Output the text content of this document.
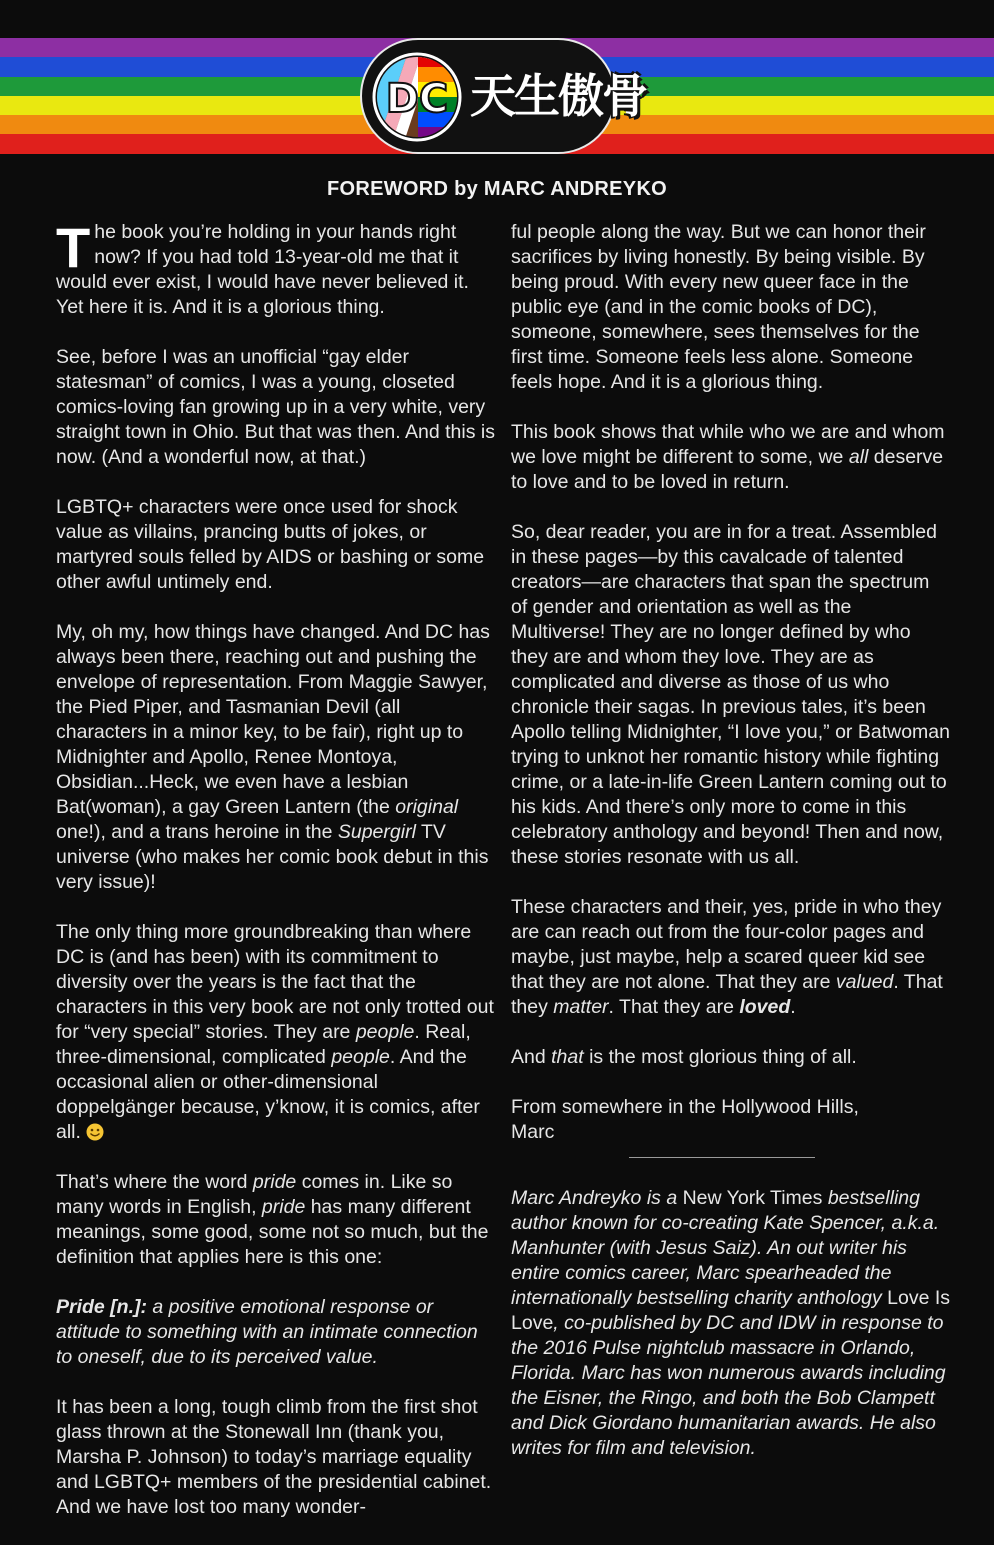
DC 天生傲骨
FOREWORD by MARC ANDREYKO

The book you’re holding in your hands right now? If you had told 13-year-old me that it would ever exist, I would have never believed it. Yet here it is. And it is a glorious thing.

See, before I was an unofficial “gay elder statesman” of comics, I was a young, closeted comics-loving fan growing up in a very white, very straight town in Ohio. But that was then. And this is now. (And a wonderful now, at that.)

LGBTQ+ characters were once used for shock value as villains, prancing butts of jokes, or martyred souls felled by AIDS or bashing or some other awful untimely end.

My, oh my, how things have changed. And DC has always been there, reaching out and pushing the envelope of representation. From Maggie Sawyer, the Pied Piper, and Tasmanian Devil (all characters in a minor key, to be fair), right up to Midnighter and Apollo, Renee Montoya, Obsidian...Heck, we even have a lesbian Bat(woman), a gay Green Lantern (the original one!), and a trans heroine in the Supergirl TV universe (who makes her comic book debut in this very issue)!

The only thing more groundbreaking than where DC is (and has been) with its commitment to diversity over the years is the fact that the characters in this very book are not only trotted out for “very special” stories. They are people. Real, three-dimensional, complicated people. And the occasional alien or other-dimensional doppelgänger because, y’know, it is comics, after all.

That’s where the word pride comes in. Like so many words in English, pride has many different meanings, some good, some not so much, but the definition that applies here is this one:

Pride [n.]: a positive emotional response or attitude to something with an intimate connection to oneself, due to its perceived value.

It has been a long, tough climb from the first shot glass thrown at the Stonewall Inn (thank you, Marsha P. Johnson) to today’s marriage equality and LGBTQ+ members of the presidential cabinet. And we have lost too many wonder-

ful people along the way. But we can honor their sacrifices by living honestly. By being visible. By being proud. With every new queer face in the public eye (and in the comic books of DC), someone, somewhere, sees themselves for the first time. Someone feels less alone. Someone feels hope. And it is a glorious thing.

This book shows that while who we are and whom we love might be different to some, we all deserve to love and to be loved in return.

So, dear reader, you are in for a treat. Assembled in these pages—by this cavalcade of talented creators—are characters that span the spectrum of gender and orientation as well as the Multiverse! They are no longer defined by who they are and whom they love. They are as complicated and diverse as those of us who chronicle their sagas. In previous tales, it’s been Apollo telling Midnighter, “I love you,” or Batwoman trying to unknot her romantic history while fighting crime, or a late-in-life Green Lantern coming out to his kids. And there’s only more to come in this celebratory anthology and beyond! Then and now, these stories resonate with us all.

These characters and their, yes, pride in who they are can reach out from the four-color pages and maybe, just maybe, help a scared queer kid see that they are not alone. That they are valued. That they matter. That they are loved.

And that is the most glorious thing of all.

From somewhere in the Hollywood Hills,
Marc

Marc Andreyko is a New York Times bestselling author known for co-creating Kate Spencer, a.k.a. Manhunter (with Jesus Saiz). An out writer his entire comics career, Marc spearheaded the internationally bestselling charity anthology Love Is Love, co-published by DC and IDW in response to the 2016 Pulse nightclub massacre in Orlando, Florida. Marc has won numerous awards including the Eisner, the Ringo, and both the Bob Clampett and Dick Giordano humanitarian awards. He also writes for film and television.
